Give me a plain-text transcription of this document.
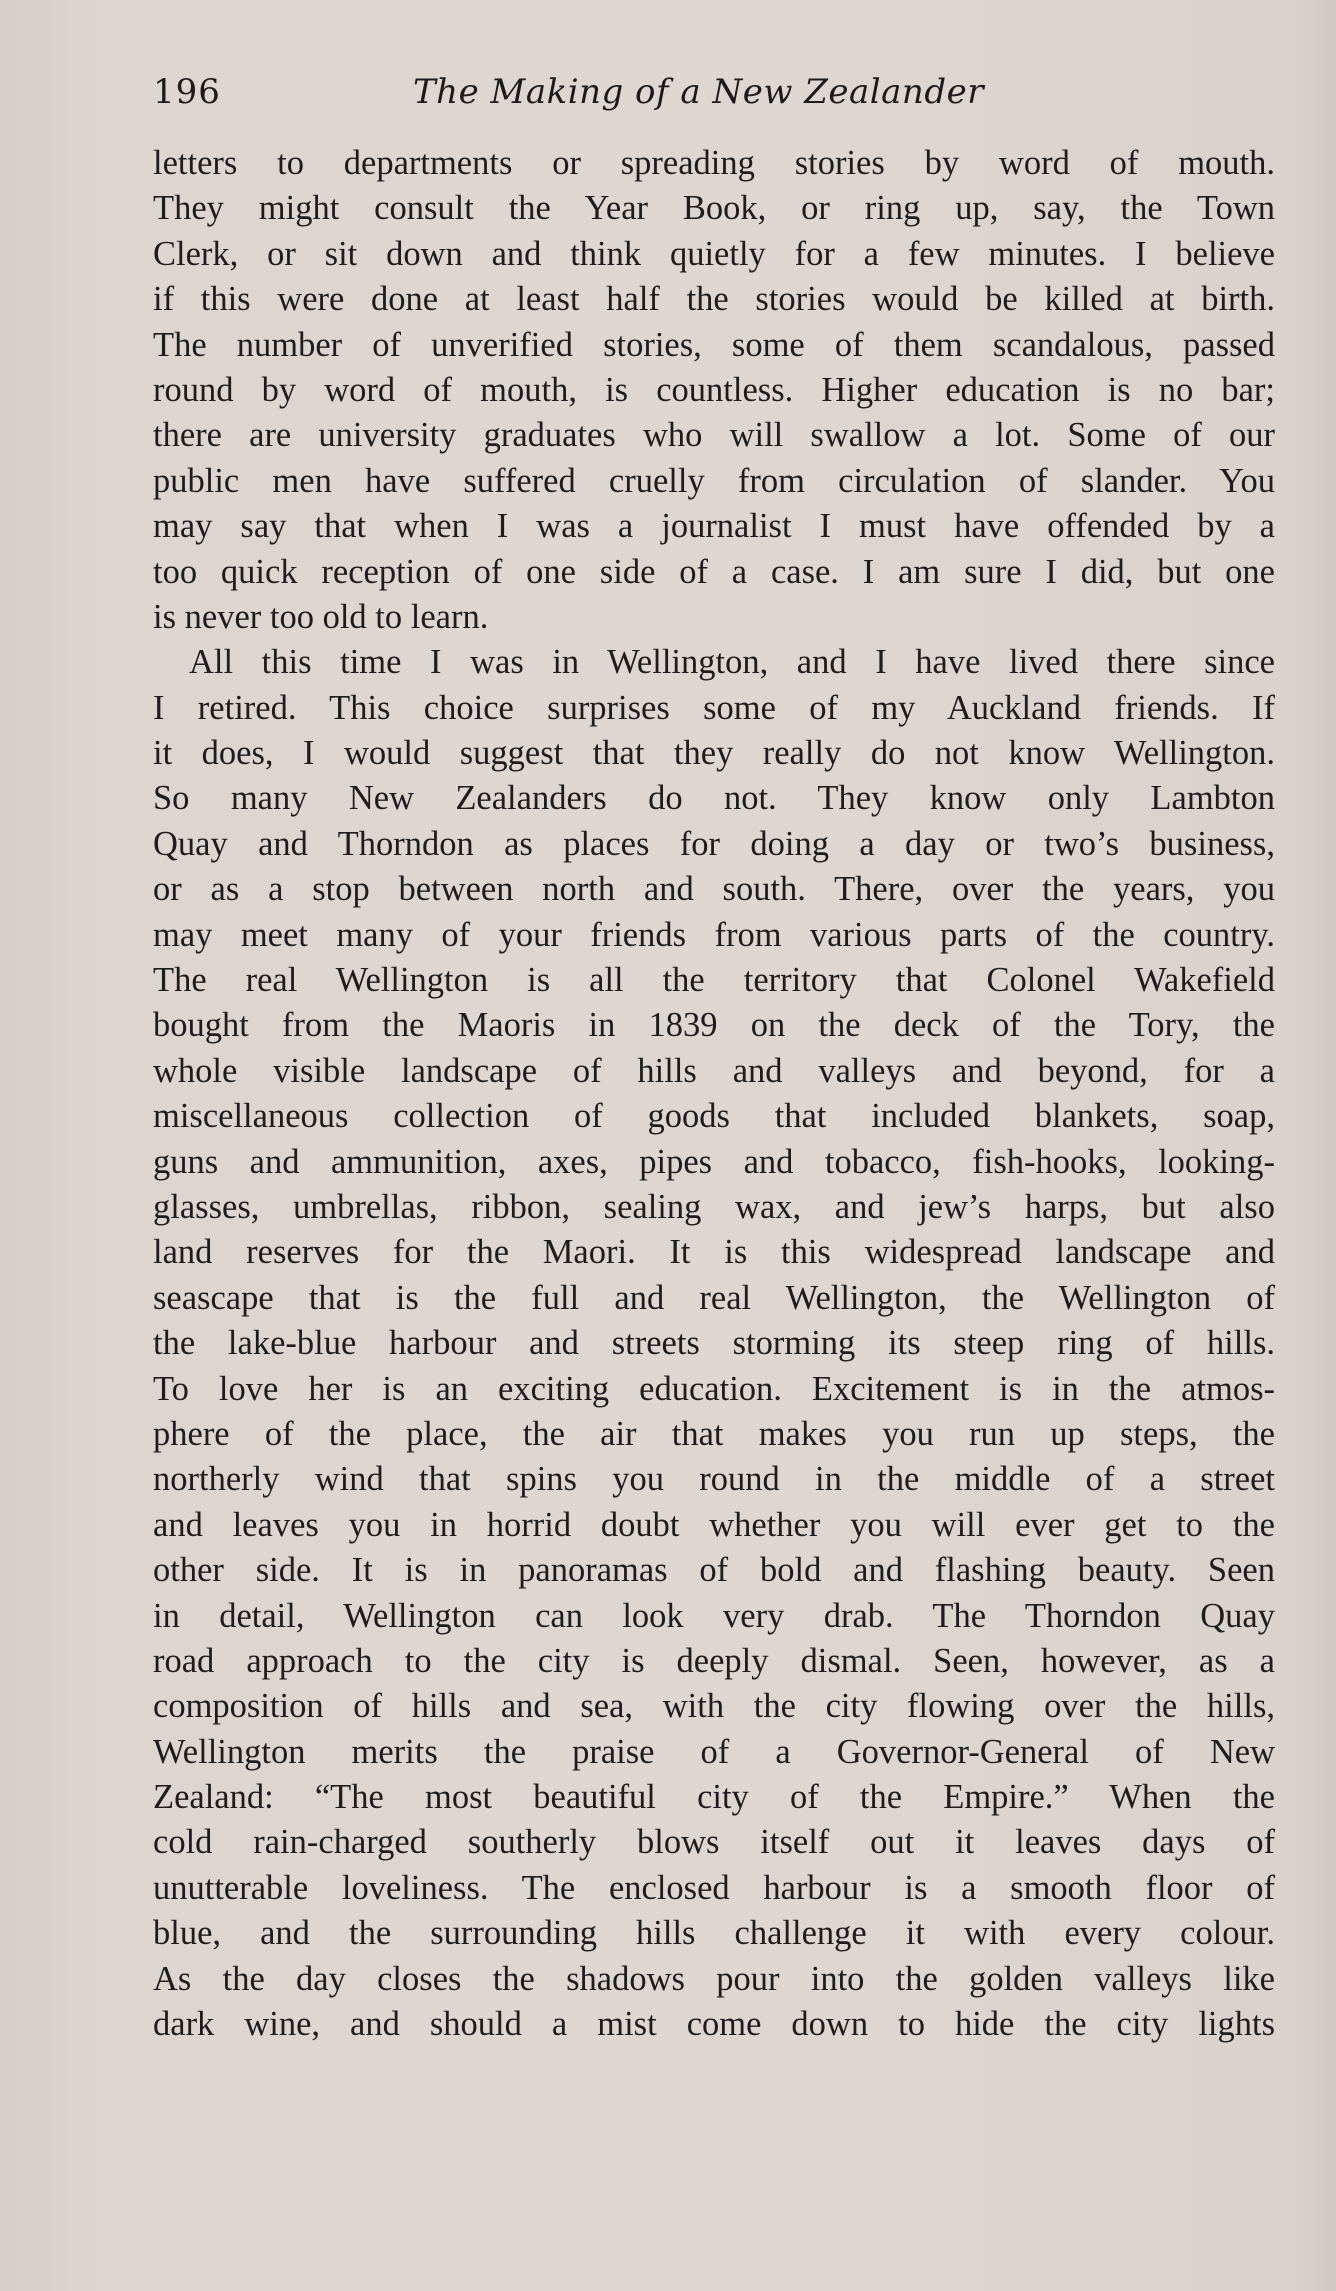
196	The Making of a New Zealander
letters to departments or spreading stories by word of mouth.
They might consult the Year Book, or ring up, say, the Town
Clerk, or sit down and think quietly for a few minutes. I believe
if this were done at least half the stories would be killed at birth.
The number of unverified stories, some of them scandalous, passed
round by word of mouth, is countless. Higher education is no bar;
there are university graduates who will swallow a lot. Some of our
public men have suffered cruelly from circulation of slander. You
may say that when I was a journalist I must have offended by a
too quick reception of one side of a case. I am sure I did, but one
is never too old to learn.
All this time I was in Wellington, and I have lived there since
I retired. This choice surprises some of my Auckland friends. If
it does, I would suggest that they really do not know Wellington.
So many New Zealanders do not. They know only Lambton
Quay and Thorndon as places for doing a day or two’s business,
or as a stop between north and south. There, over the years, you
may meet many of your friends from various parts of the country.
The real Wellington is all the territory that Colonel Wakefield
bought from the Maoris in 1839 on the deck of the Tory, the
whole visible landscape of hills and valleys and beyond, for a
miscellaneous collection of goods that included blankets, soap,
guns and ammunition, axes, pipes and tobacco, fish-hooks, looking-
glasses, umbrellas, ribbon, sealing wax, and jew’s harps, but also
land reserves for the Maori. It is this widespread landscape and
seascape that is the full and real Wellington, the Wellington of
the lake-blue harbour and streets storming its steep ring of hills.
To love her is an exciting education. Excitement is in the atmos-
phere of the place, the air that makes you run up steps, the
northerly wind that spins you round in the middle of a street
and leaves you in horrid doubt whether you will ever get to the
other side. It is in panoramas of bold and flashing beauty. Seen
in detail, Wellington can look very drab. The Thorndon Quay
road approach to the city is deeply dismal. Seen, however, as a
composition of hills and sea, with the city flowing over the hills,
Wellington merits the praise of a Governor-General of New
Zealand: “The most beautiful city of the Empire.” When the
cold rain-charged southerly blows itself out it leaves days of
unutterable loveliness. The enclosed harbour is a smooth floor of
blue, and the surrounding hills challenge it with every colour.
As the day closes the shadows pour into the golden valleys like
dark wine, and should a mist come down to hide the city lights
